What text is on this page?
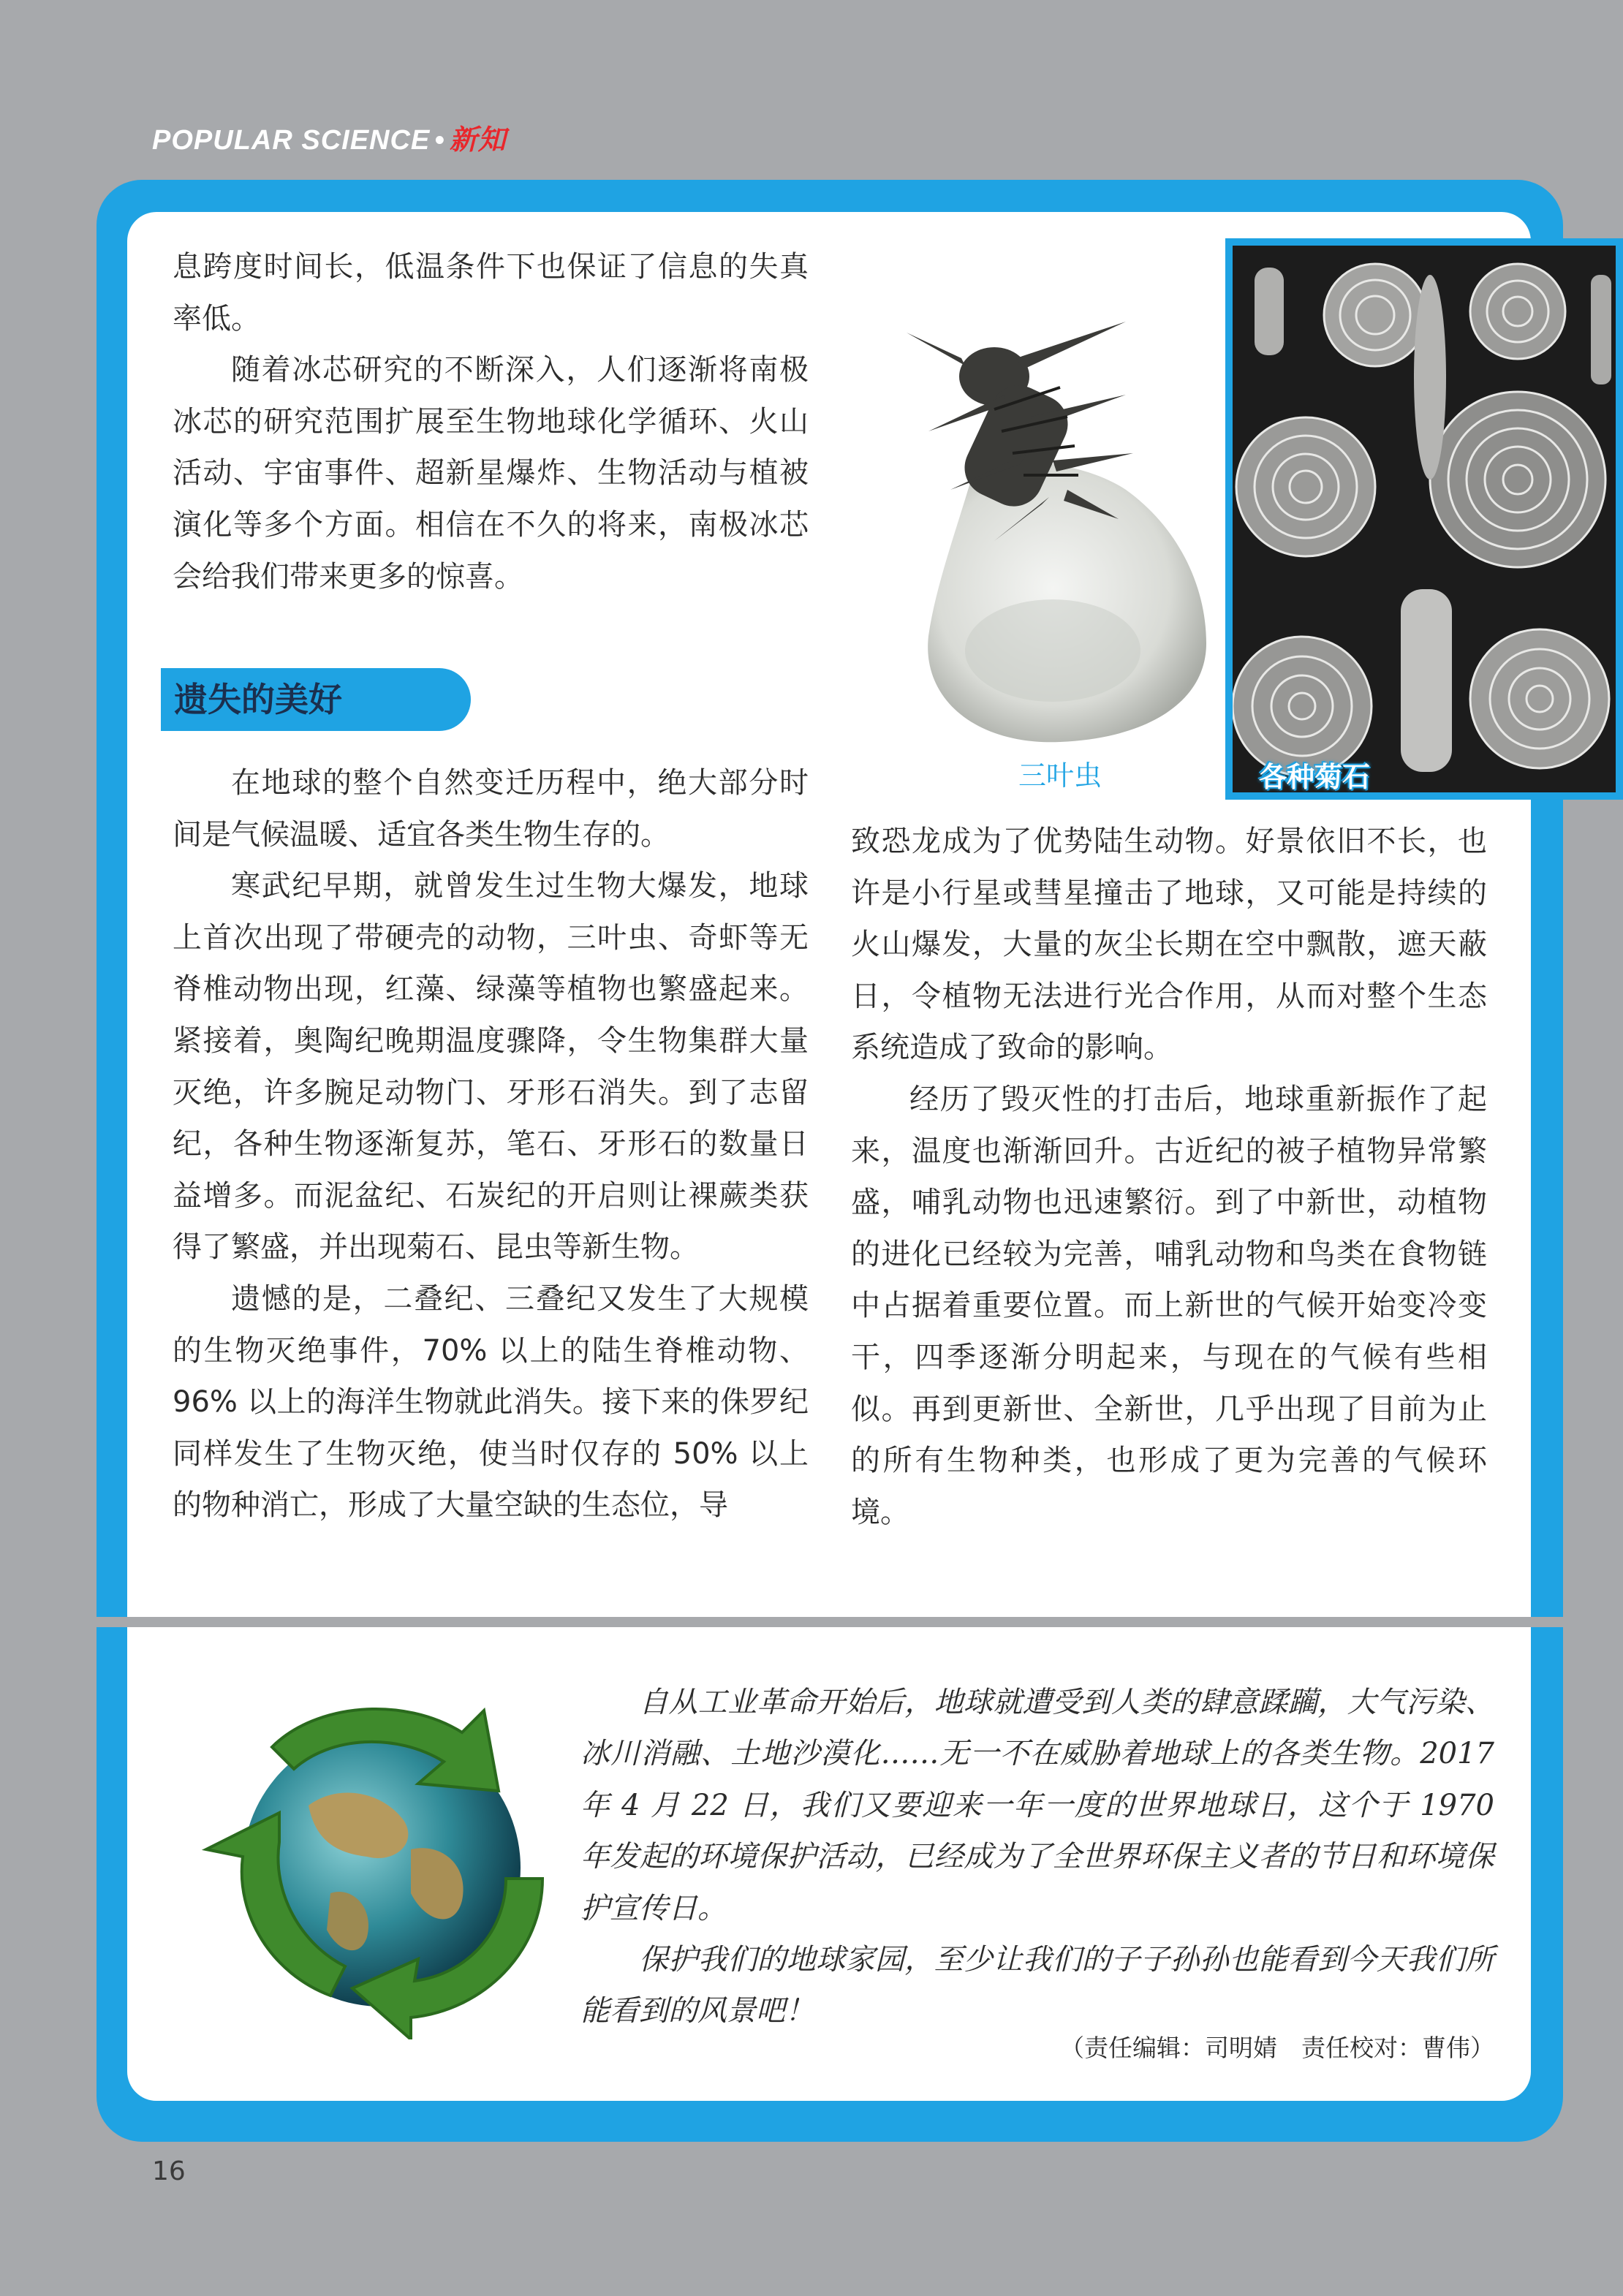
POPULAR SCIENCE • 新知

息跨度时间长，低温条件下也保证了信息的失真率低。

随着冰芯研究的不断深入，人们逐渐将南极冰芯的研究范围扩展至生物地球化学循环、火山活动、宇宙事件、超新星爆炸、生物活动与植被演化等多个方面。相信在不久的将来，南极冰芯会给我们带来更多的惊喜。

遗失的美好

在地球的整个自然变迁历程中，绝大部分时间是气候温暖、适宜各类生物生存的。

寒武纪早期，就曾发生过生物大爆发，地球上首次出现了带硬壳的动物，三叶虫、奇虾等无脊椎动物出现，红藻、绿藻等植物也繁盛起来。紧接着，奥陶纪晚期温度骤降，令生物集群大量灭绝，许多腕足动物门、牙形石消失。到了志留纪，各种生物逐渐复苏，笔石、牙形石的数量日益增多。而泥盆纪、石炭纪的开启则让裸蕨类获得了繁盛，并出现菊石、昆虫等新生物。

遗憾的是，二叠纪、三叠纪又发生了大规模的生物灭绝事件，70% 以上的陆生脊椎动物、96% 以上的海洋生物就此消失。接下来的侏罗纪同样发生了生物灭绝，使当时仅存的 50% 以上的物种消亡，形成了大量空缺的生态位，导

致恐龙成为了优势陆生动物。好景依旧不长，也许是小行星或彗星撞击了地球，又可能是持续的火山爆发，大量的灰尘长期在空中飘散，遮天蔽日，令植物无法进行光合作用，从而对整个生态系统造成了致命的影响。

经历了毁灭性的打击后，地球重新振作了起来，温度也渐渐回升。古近纪的被子植物异常繁盛，哺乳动物也迅速繁衍。到了中新世，动植物的进化已经较为完善，哺乳动物和鸟类在食物链中占据着重要位置。而上新世的气候开始变冷变干，四季逐渐分明起来，与现在的气候有些相似。再到更新世、全新世，几乎出现了目前为止的所有生物种类，也形成了更为完善的气候环境。

三叶虫	各种菊石

自从工业革命开始后，地球就遭受到人类的肆意蹂躏，大气污染、冰川消融、土地沙漠化……无一不在威胁着地球上的各类生物。2017 年 4 月 22 日，我们又要迎来一年一度的世界地球日，这个于 1970 年发起的环境保护活动，已经成为了全世界环保主义者的节日和环境保护宣传日。

保护我们的地球家园，至少让我们的子子孙孙也能看到今天我们所能看到的风景吧！

（责任编辑：司明婧　责任校对：曹伟）
16
